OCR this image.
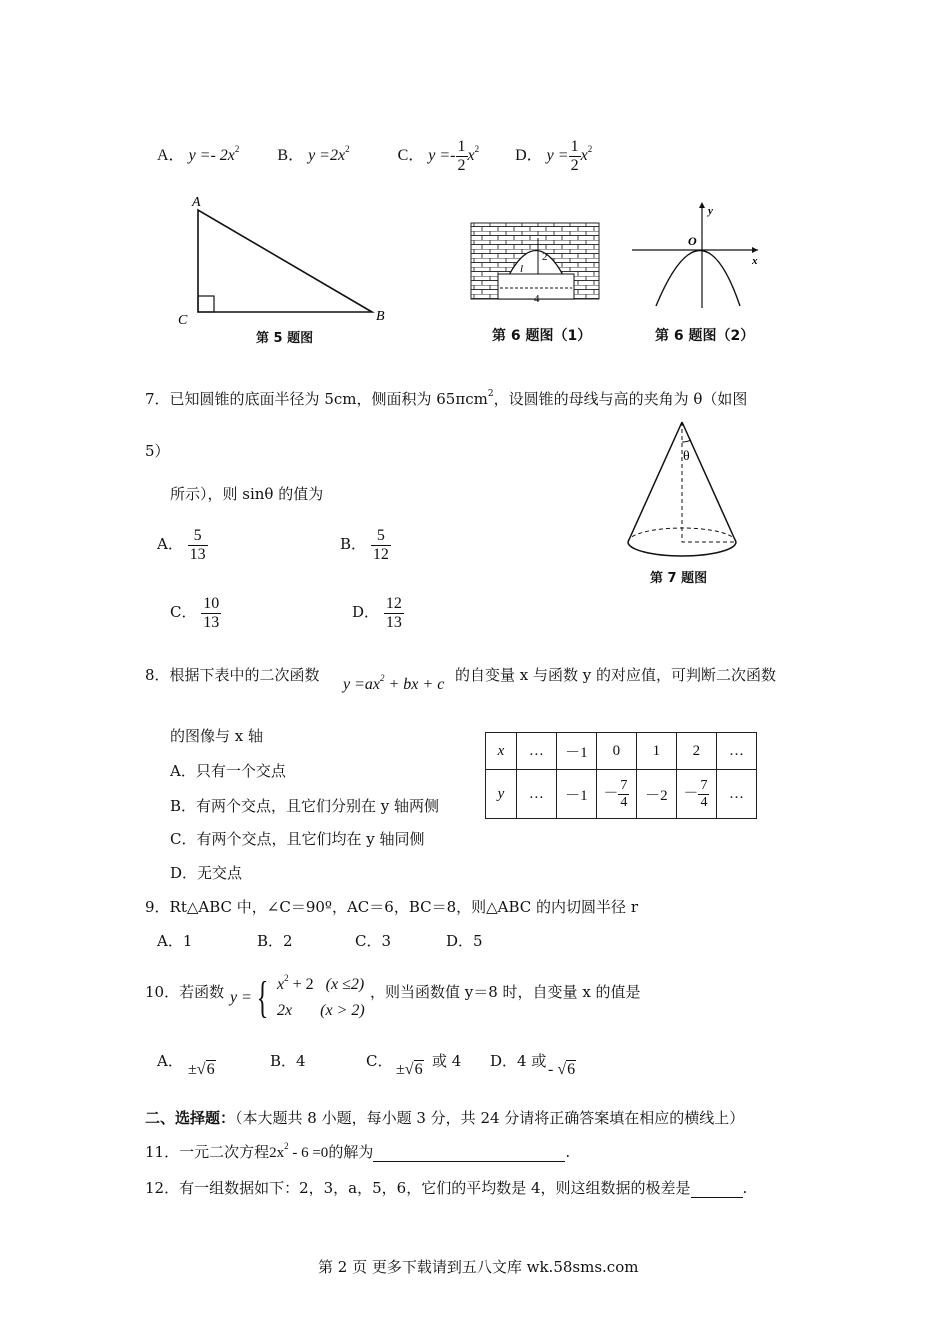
A． $y =- 2x^2$ B． $y =2x^2$	C． $y =- \frac{1}{2} x^2$ D． $y = \frac{1}{2} x^2$
A
B
C
第 5 题图
2
l
4
第 6 题图（1）
O
x
y
第 6 题图（2）
7．已知圆锥的底面半径为 5cm，侧面积为 65πcm$^2$，设圆锥的母线与高的夹角为 θ（如图
5）
所示），则 sinθ 的值为
A． $\frac{5}{13}$	B． $\frac{5}{12}$
C． $\frac{10}{13}$	D． $\frac{12}{13}$
θ
第 7 题图
8．根据下表中的二次函数
$y =ax^2$ + bx + c
的自变量 x 与函数 y 的对应值，可判断二次函数
的图像与 x 轴
A．只有一个交点
B．有两个交点，且它们分别在 y 轴两侧
C．有两个交点，且它们均在 y 轴同侧
D．无交点
x	…	－1	0	1	2	…
y	…	－1	－ $\frac{7}{4}$	－2	－ $\frac{7}{4}$	…
9．Rt△ABC 中，∠C＝90º，AC＝6，BC＝8，则△ABC 的内切圆半径 r
A．1	B．2	C．3	D．5
10．若函数 y = { $x^2 + 2$ (x ≤2)
2x (x > 2)
，则当函数值 y＝8 时，自变量 x 的值是
A． ±√6	B．4	C． ±√6 或 4 D．4 或 - √6
二、选择题：（本大题共 8 小题，每小题 3 分，共 24 分请将正确答案填在相应的横线上）
11．一元二次方程$2x^2 - 6 =0$的解为	.
12．有一组数据如下：2，3，a，5，6，它们的平均数是 4，则这组数据的极差是	.
第 2 页 更多下载请到五八文库 wk.58sms.com
